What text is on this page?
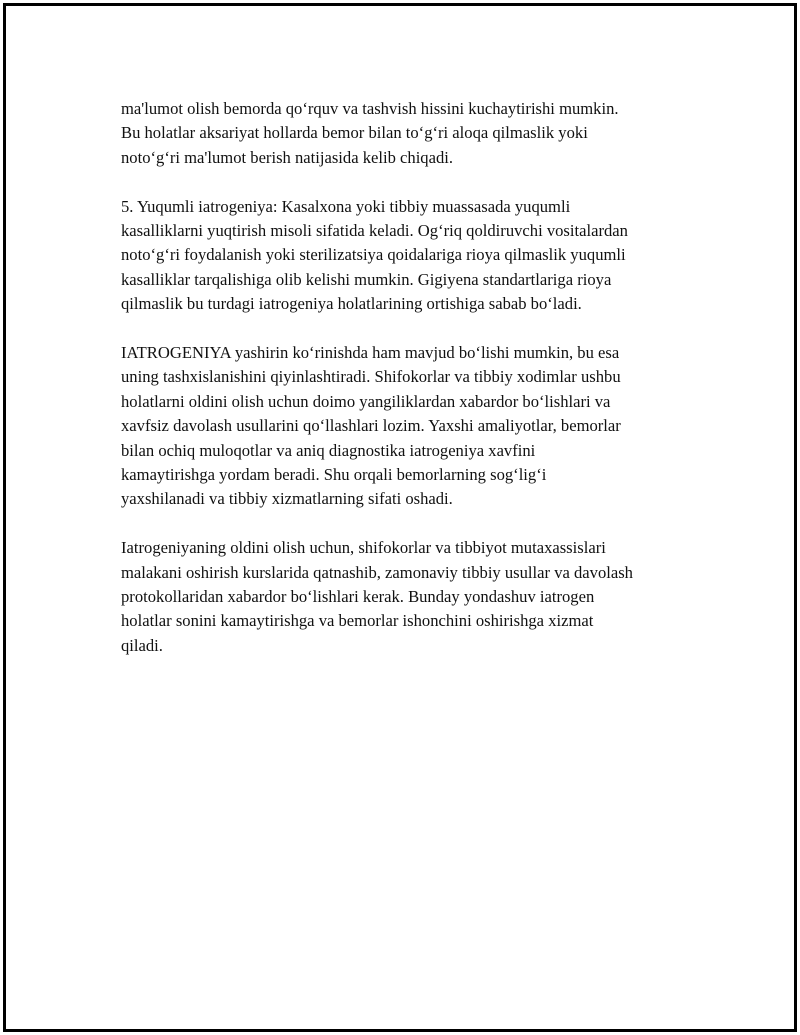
ma'lumot olish bemorda qo‘rquv va tashvish hissini kuchaytirishi mumkin.
Bu holatlar aksariyat hollarda bemor bilan to‘g‘ri aloqa qilmaslik yoki
noto‘g‘ri ma'lumot berish natijasida kelib chiqadi.

5. Yuqumli iatrogeniya: Kasalxona yoki tibbiy muassasada yuqumli
kasalliklarni yuqtirish misoli sifatida keladi. Og‘riq qoldiruvchi vositalardan
noto‘g‘ri foydalanish yoki sterilizatsiya qoidalariga rioya qilmaslik yuqumli
kasalliklar tarqalishiga olib kelishi mumkin. Gigiyena standartlariga rioya
qilmaslik bu turdagi iatrogeniya holatlarining ortishiga sabab bo‘ladi.

IATROGENIYA yashirin ko‘rinishda ham mavjud bo‘lishi mumkin, bu esa
uning tashxislanishini qiyinlashtiradi. Shifokorlar va tibbiy xodimlar ushbu
holatlarni oldini olish uchun doimo yangiliklardan xabardor bo‘lishlari va
xavfsiz davolash usullarini qo‘llashlari lozim. Yaxshi amaliyotlar, bemorlar
bilan ochiq muloqotlar va aniq diagnostika iatrogeniya xavfini
kamaytirishga yordam beradi. Shu orqali bemorlarning sog‘lig‘i
yaxshilanadi va tibbiy xizmatlarning sifati oshadi.

Iatrogeniyaning oldini olish uchun, shifokorlar va tibbiyot mutaxassislari
malakani oshirish kurslarida qatnashib, zamonaviy tibbiy usullar va davolash
protokollaridan xabardor bo‘lishlari kerak. Bunday yondashuv iatrogen
holatlar sonini kamaytirishga va bemorlar ishonchini oshirishga xizmat
qiladi.
